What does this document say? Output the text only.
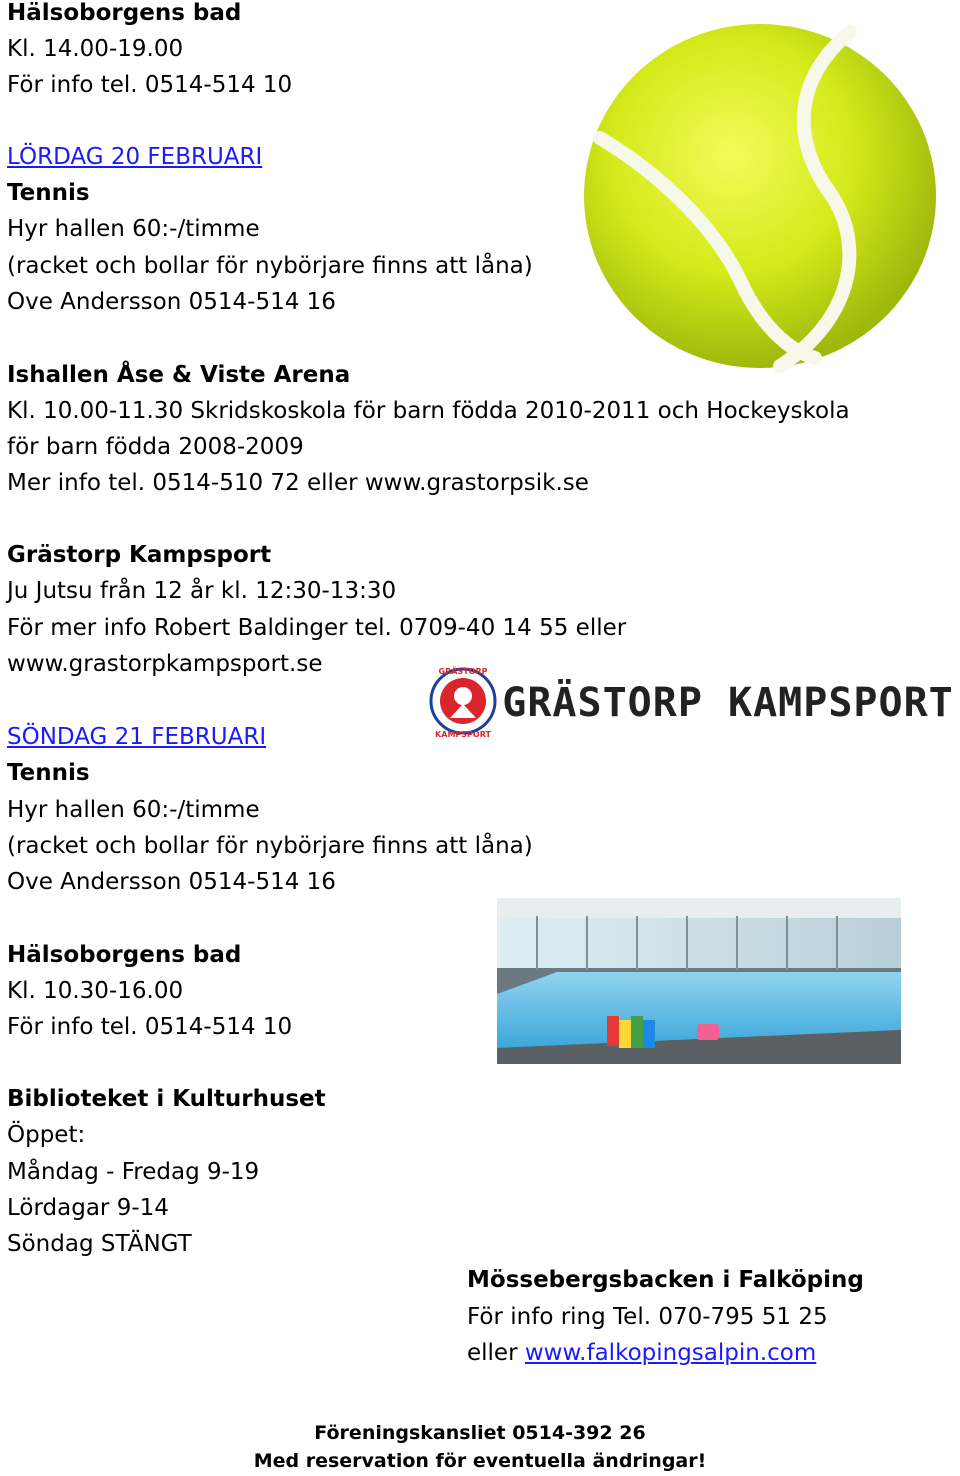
Hälsoborgens bad
Kl. 14.00-19.00
För info tel. 0514-514 10
LÖRDAG 20 FEBRUARI
Tennis
Hyr hallen 60:-/timme
(racket och bollar för nybörjare finns att låna)
Ove Andersson 0514-514 16
Ishallen Åse & Viste Arena
Kl. 10.00-11.30 Skridskoskola för barn födda 2010-2011 och Hockeyskola
för barn födda 2008-2009
Mer info tel. 0514-510 72 eller www.grastorpsik.se
Grästorp Kampsport
Ju Jutsu från 12 år kl. 12:30-13:30
För mer info Robert Baldinger tel. 0709-40 14 55 eller
www.grastorpkampsport.se
SÖNDAG 21 FEBRUARI
Tennis
Hyr hallen 60:-/timme
(racket och bollar för nybörjare finns att låna)
Ove Andersson 0514-514 16
Hälsoborgens bad
Kl. 10.30-16.00
För info tel. 0514-514 10
Biblioteket i Kulturhuset
Öppet:
Måndag - Fredag 9-19
Lördagar 9-14
Söndag STÄNGT
Mössebergsbacken i Falköping
För info ring Tel. 070-795 51 25
eller www.falkopingsalpin.com
Föreningskansliet 0514-392 26
Med reservation för eventuella ändringar!
GRÄSTORP
KAMPSPORT
GRÄSTORP KAMPSPORT
